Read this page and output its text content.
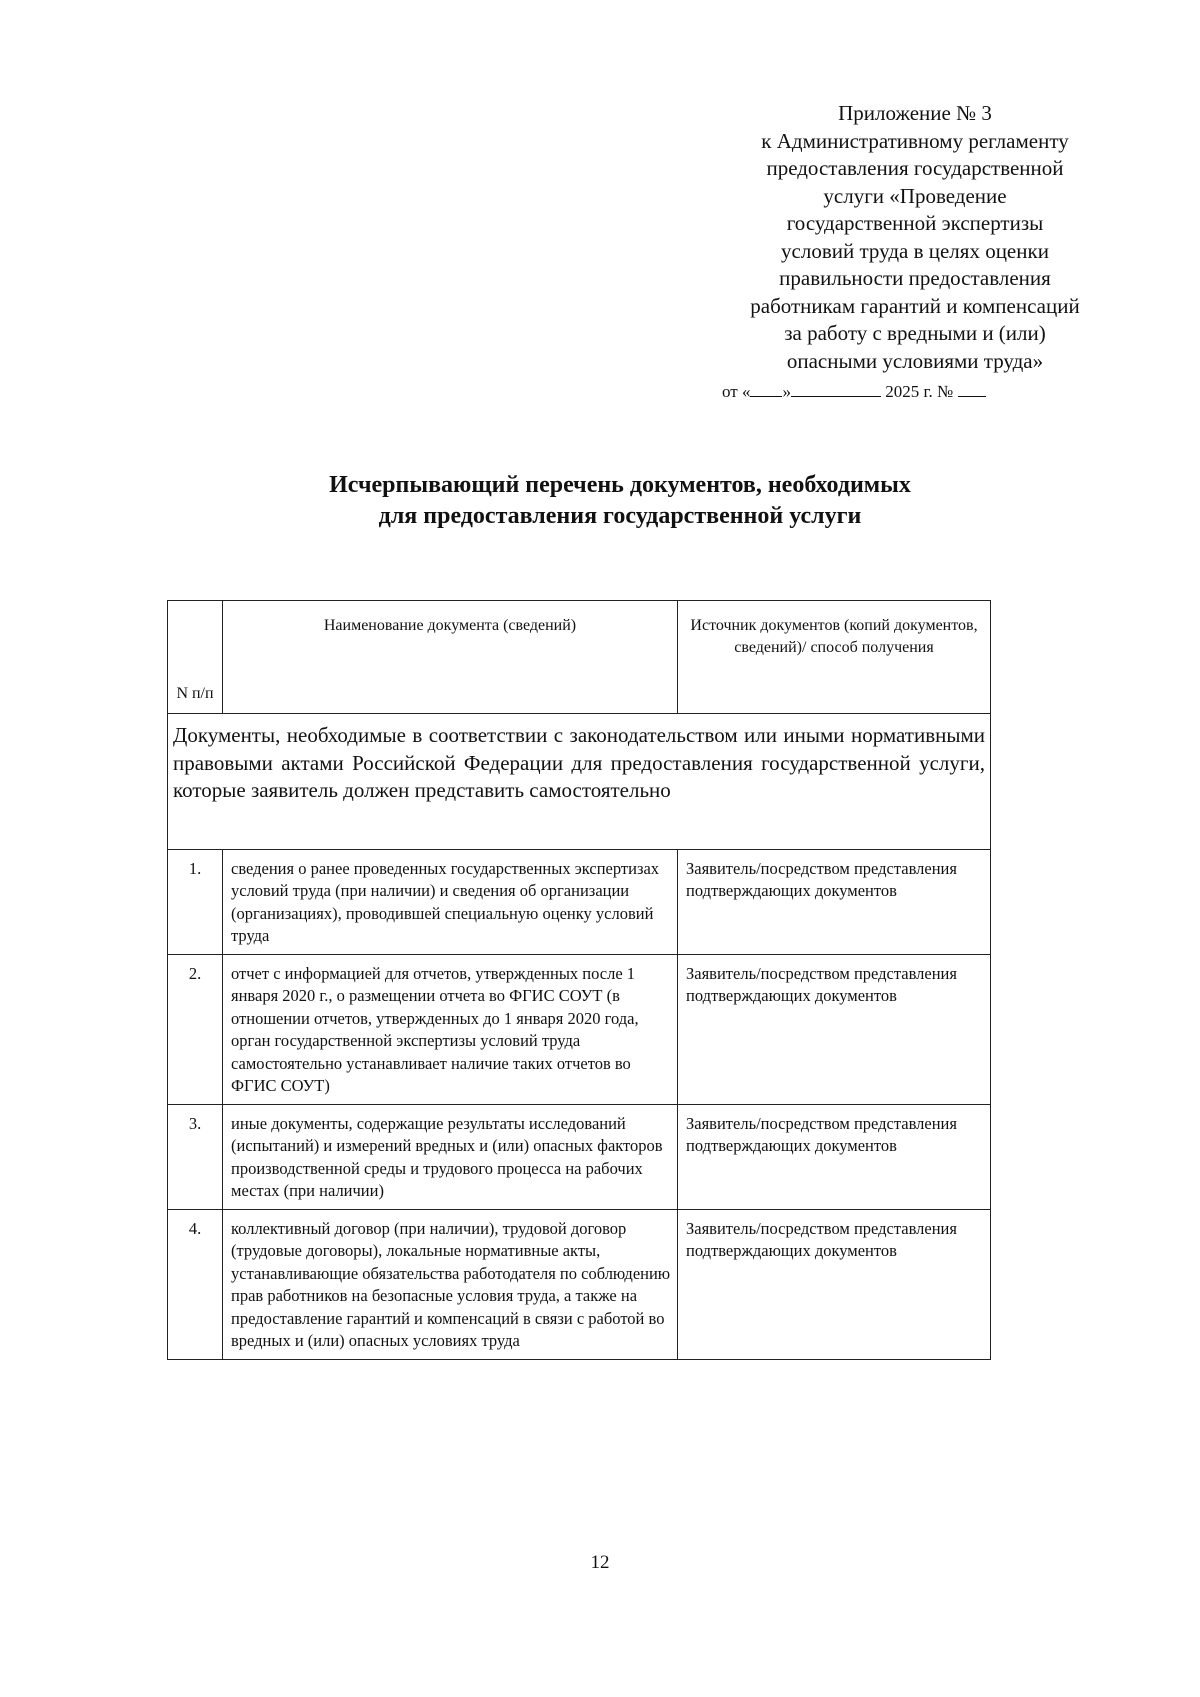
Приложение № 3
к Административному регламенту
предоставления государственной
услуги «Проведение
государственной экспертизы
условий труда в целях оценки
правильности предоставления
работникам гарантий и компенсаций
за работу с вредными и (или)
опасными условиями труда»
от « »	2025 г. №
Исчерпывающий перечень документов, необходимых
для предоставления государственной услуги
N п/п	Наименование документа (сведений)	Источник документов (копий документов, сведений)/ способ получения
Документы, необходимые в соответствии с законодательством или иными нормативными правовыми актами Российской Федерации для предоставления государственной услуги, которые заявитель должен представить самостоятельно		
1.	сведения о ранее проведенных государственных экспертизах условий труда (при наличии) и сведения об организации (организациях), проводившей специальную оценку условий труда	Заявитель/посредством представления подтверждающих документов
2.	отчет с информацией для отчетов, утвержденных после 1 января 2020 г., о размещении отчета во ФГИС СОУТ (в отношении отчетов, утвержденных до 1 января 2020 года, орган государственной экспертизы условий труда самостоятельно устанавливает наличие таких отчетов во ФГИС СОУТ)	Заявитель/посредством представления подтверждающих документов
3.	иные документы, содержащие результаты исследований (испытаний) и измерений вредных и (или) опасных факторов производственной среды и трудового процесса на рабочих местах (при наличии)	Заявитель/посредством представления подтверждающих документов
4.	коллективный договор (при наличии), трудовой договор (трудовые договоры), локальные нормативные акты, устанавливающие обязательства работодателя по соблюдению прав работников на безопасные условия труда, а также на предоставление гарантий и компенсаций в связи с работой во вредных и (или) опасных условиях труда	Заявитель/посредством представления подтверждающих документов
12
